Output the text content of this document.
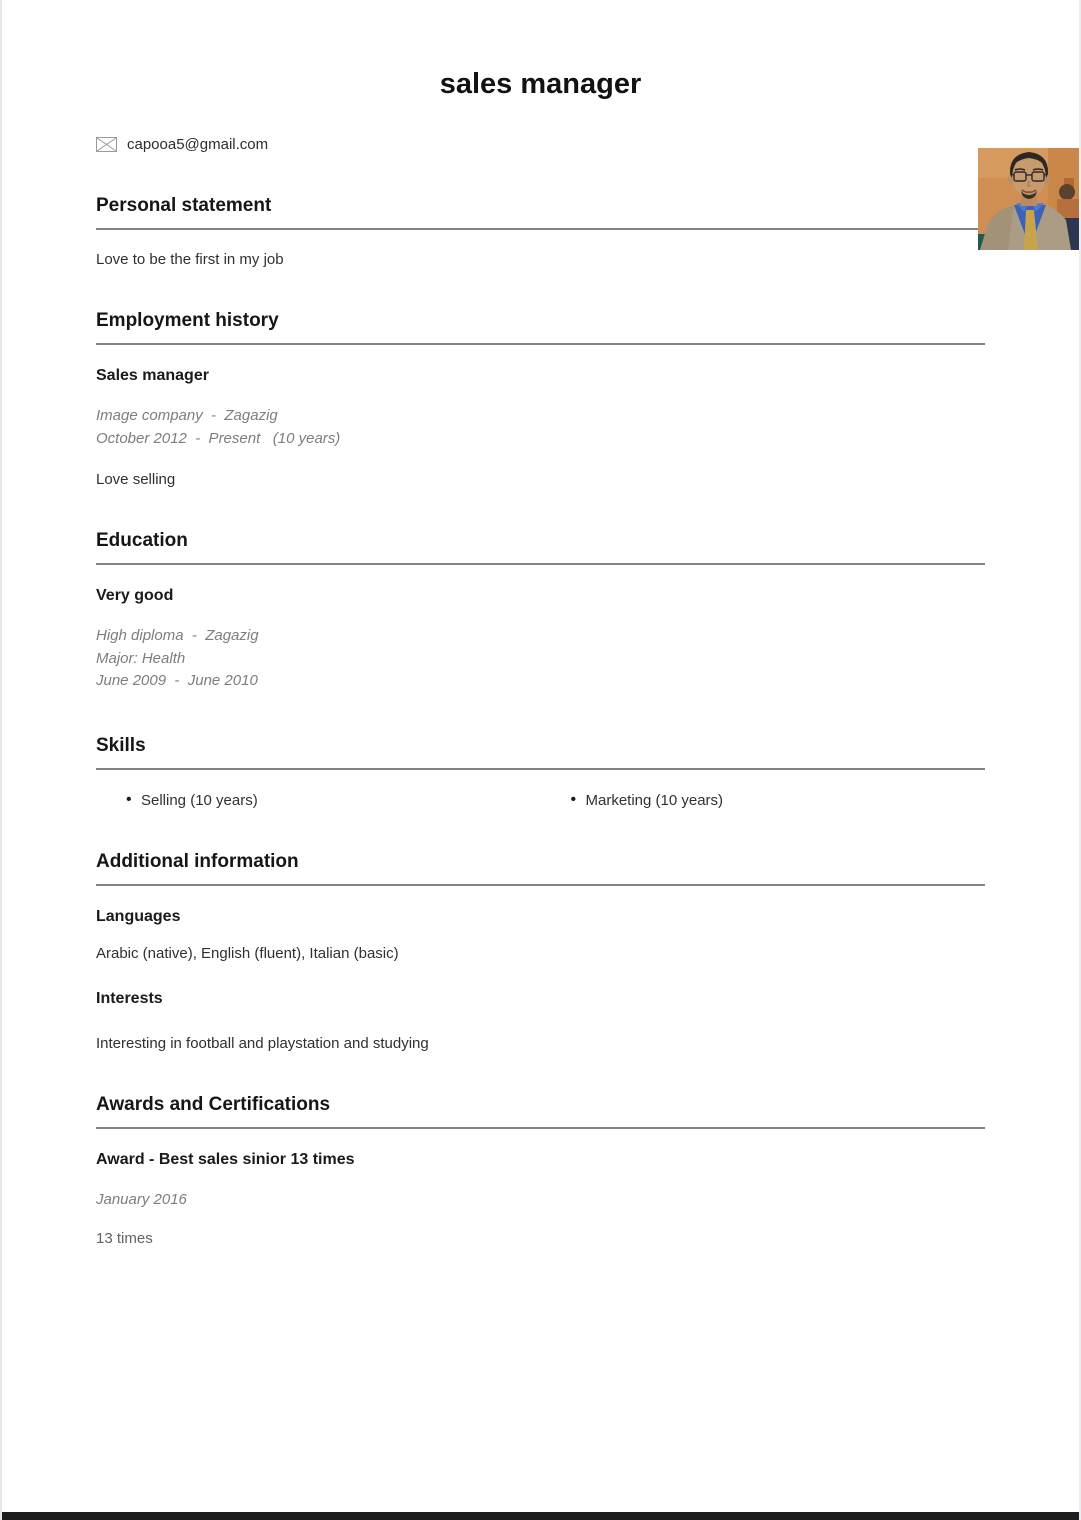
sales manager
capooa5@gmail.com
Personal statement

Love to be the first in my job

Employment history
Sales manager

Image company  -  Zagazig

October 2012  -  Present   (10 years)

Love selling

Education
Very good

High diploma  -  Zagazig

Major: Health

June 2009  -  June 2010

Skills
• Selling (10 years)	• Marketing (10 years)
Additional information
Languages

Arabic (native), English (fluent), Italian (basic)

Interests

Interesting in football and playstation and studying

Awards and Certifications
Award - Best sales sinior 13 times

January 2016

13 times
